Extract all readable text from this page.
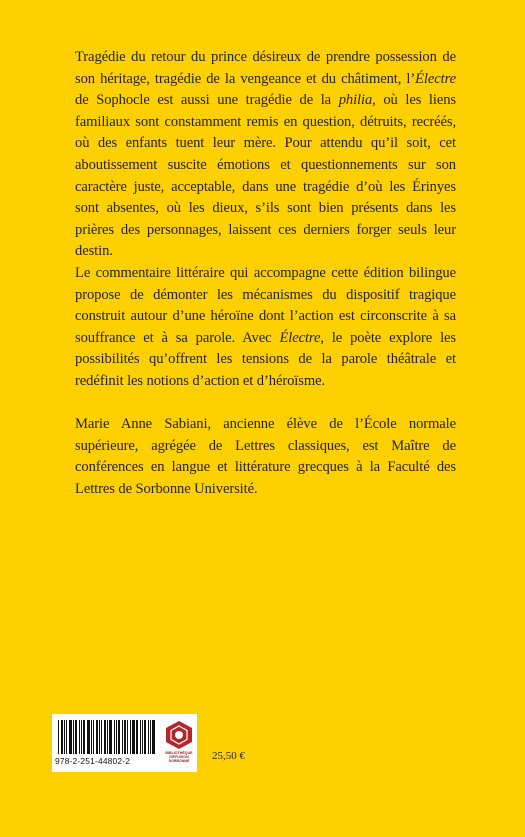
Tragédie du retour du prince désireux de prendre possession de son héritage, tragédie de la vengeance et du châtiment, l’Électre de Sophocle est aussi une tragédie de la philia, où les liens familiaux sont constamment remis en question, détruits, recréés, où des enfants tuent leur mère. Pour attendu qu’il soit, cet aboutissement suscite émotions et questionnements sur son caractère juste, acceptable, dans une tragédie d’où les Érinyes sont absentes, où les dieux, s’ils sont bien présents dans les prières des personnages, laissent ces derniers forger seuls leur destin.

Le commentaire littéraire qui accompagne cette édition bilingue propose de démonter les mécanismes du dispositif tragique construit autour d’une héroïne dont l’action est circonscrite à sa souffrance et à sa parole. Avec Électre, le poète explore les possibilités qu’offrent les tensions de la parole théâtrale et redéfinit les notions d’action et d’héroïsme.

Marie Anne Sabiani, ancienne élève de l’École normale supérieure, agrégée de Lettres classiques, est Maître de conférences en langue et littérature grecques à la Faculté des Lettres de Sorbonne Université.

978-2-251-44802-2
BIBLIOTHÈQUE
DIFFUSION
SORBONNE	25,50 €
